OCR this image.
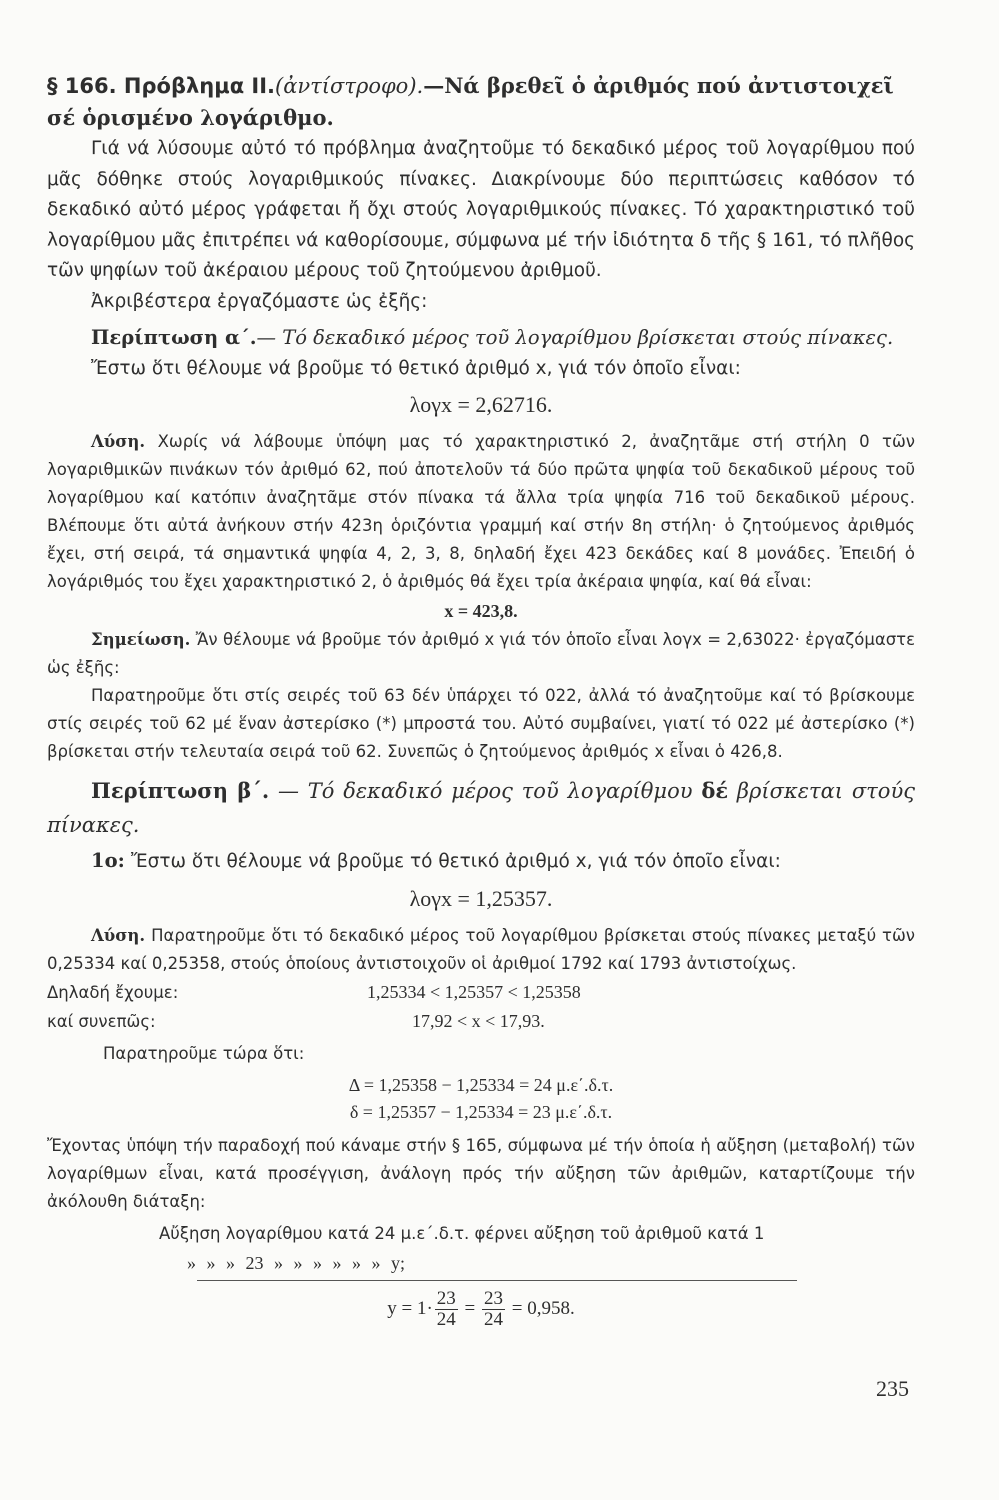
§ 166. Πρόβλημα ΙΙ.(ἀντίστροφο).—Νά βρεθεῖ ὁ ἀριθμός πού ἀντιστοιχεῖ σέ ὁρισμένο λογάριθμο.

Γιά νά λύσουμε αὐτό τό πρόβλημα ἀναζητοῦμε τό δεκαδικό μέρος τοῦ λογαρίθμου πού μᾶς δόθηκε στούς λογαριθμικούς πίνακες. Διακρίνουμε δύο περιπτώσεις καθόσον τό δεκαδικό αὐτό μέρος γράφεται ἤ ὄχι στούς λογαριθμικούς πίνακες. Τό χαρακτηριστικό τοῦ λογαρίθμου μᾶς ἐπιτρέπει νά καθορίσουμε, σύμφωνα μέ τήν ἰδιότητα δ τῆς § 161, τό πλῆθος τῶν ψηφίων τοῦ ἀκέραιου μέρους τοῦ ζητούμενου ἀριθμοῦ.

Ἀκριβέστερα ἐργαζόμαστε ὡς ἐξῆς:

Περίπτωση α΄.— Τό δεκαδικό μέρος τοῦ λογαρίθμου βρίσκεται στούς πίνακες.

Ἔστω ὅτι θέλουμε νά βροῦμε τό θετικό ἀριθμό x, γιά τόν ὁποῖο εἶναι:

λογx = 2,62716.

Λύση. Χωρίς νά λάβουμε ὑπόψη μας τό χαρακτηριστικό 2, ἀναζητᾶμε στή στήλη 0 τῶν λογαριθμικῶν πινάκων τόν ἀριθμό 62, πού ἀποτελοῦν τά δύο πρῶτα ψηφία τοῦ δεκαδικοῦ μέρους τοῦ λογαρίθμου καί κατόπιν ἀναζητᾶμε στόν πίνακα τά ἄλλα τρία ψηφία 716 τοῦ δεκαδικοῦ μέρους. Βλέπουμε ὅτι αὐτά ἀνήκουν στήν 423η ὁριζόντια γραμμή καί στήν 8η στήλη· ὁ ζητούμενος ἀριθμός ἔχει, στή σειρά, τά σημαντικά ψηφία 4, 2, 3, 8, δηλαδή ἔχει 423 δεκάδες καί 8 μονάδες. Ἐπειδή ὁ λογάριθμός του ἔχει χαρακτηριστικό 2, ὁ ἀριθμός θά ἔχει τρία ἀκέραια ψηφία, καί θά εἶναι:

x = 423,8.

Σημείωση. Ἄν θέλουμε νά βροῦμε τόν ἀριθμό x γιά τόν ὁποῖο εἶναι λογx = 2,63022· ἐργαζόμαστε ὡς ἐξῆς:

Παρατηροῦμε ὅτι στίς σειρές τοῦ 63 δέν ὑπάρχει τό 022, ἀλλά τό ἀναζητοῦμε καί τό βρίσκουμε στίς σειρές τοῦ 62 μέ ἕναν ἀστερίσκο (*) μπροστά του. Αὐτό συμβαίνει, γιατί τό 022 μέ ἀστερίσκο (*) βρίσκεται στήν τελευταία σειρά τοῦ 62. Συνεπῶς ὁ ζητούμενος ἀριθμός x εἶναι ὁ 426,8.

Περίπτωση β΄. — Τό δεκαδικό μέρος τοῦ λογαρίθμου δέ βρίσκεται στούς πίνακες.

1ο: Ἔστω ὅτι θέλουμε νά βροῦμε τό θετικό ἀριθμό x, γιά τόν ὁποῖο εἶναι:

λογx = 1,25357.

Λύση. Παρατηροῦμε ὅτι τό δεκαδικό μέρος τοῦ λογαρίθμου βρίσκεται στούς πίνακες μεταξύ τῶν 0,25334 καί 0,25358, στούς ὁποίους ἀντιστοιχοῦν οἱ ἀριθμοί 1792 καί 1793 ἀντιστοίχως.

Δηλαδή ἔχουμε:	1,25334 < 1,25357 < 1,25358
καί συνεπῶς:	17,92 < x < 17,93.

Παρατηροῦμε τώρα ὅτι:

Δ = 1,25358 − 1,25334 = 24 μ.ε΄.δ.τ.
δ = 1,25357 − 1,25334 = 23 μ.ε΄.δ.τ.

Ἔχοντας ὑπόψη τήν παραδοχή πού κάναμε στήν § 165, σύμφωνα μέ τήν ὁποία ἡ αὔξηση (μεταβολή) τῶν λογαρίθμων εἶναι, κατά προσέγγιση, ἀνάλογη πρός τήν αὔξηση τῶν ἀριθμῶν, καταρτίζουμε τήν ἀκόλουθη διάταξη:

Αὔξηση λογαρίθμου κατά 24 μ.ε΄.δ.τ. φέρνει αὔξηση τοῦ ἀριθμοῦ κατά 1

» » » 23 » » » » » » y;
$y = 1\cdot \frac{23}{24} = \frac{23}{24} = 0,958$.
235
